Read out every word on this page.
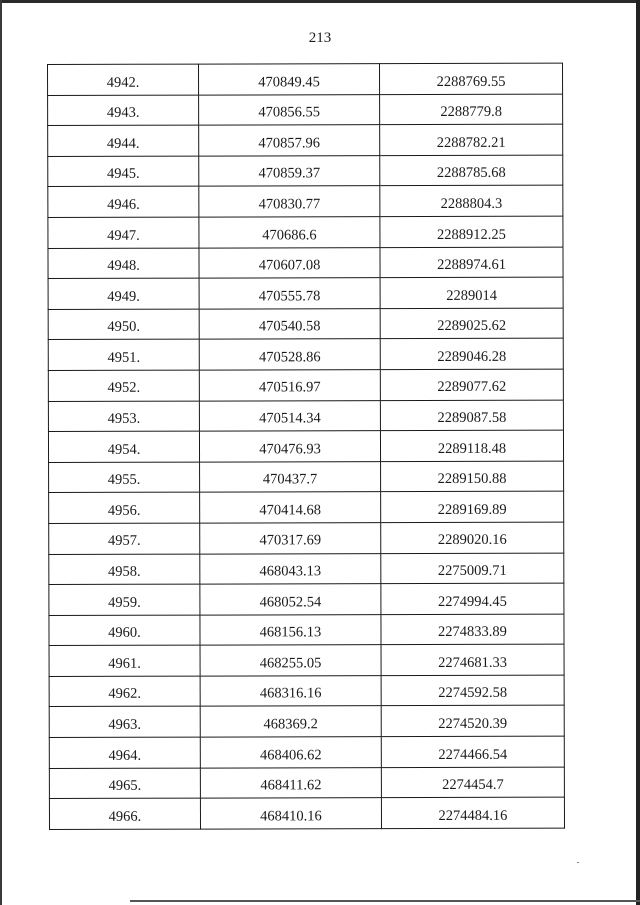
213
4942.	470849.45	2288769.55
4943.	470856.55	2288779.8
4944.	470857.96	2288782.21
4945.	470859.37	2288785.68
4946.	470830.77	2288804.3
4947.	470686.6	2288912.25
4948.	470607.08	2288974.61
4949.	470555.78	2289014
4950.	470540.58	2289025.62
4951.	470528.86	2289046.28
4952.	470516.97	2289077.62
4953.	470514.34	2289087.58
4954.	470476.93	2289118.48
4955.	470437.7	2289150.88
4956.	470414.68	2289169.89
4957.	470317.69	2289020.16
4958.	468043.13	2275009.71
4959.	468052.54	2274994.45
4960.	468156.13	2274833.89
4961.	468255.05	2274681.33
4962.	468316.16	2274592.58
4963.	468369.2	2274520.39
4964.	468406.62	2274466.54
4965.	468411.62	2274454.7
4966.	468410.16	2274484.16
